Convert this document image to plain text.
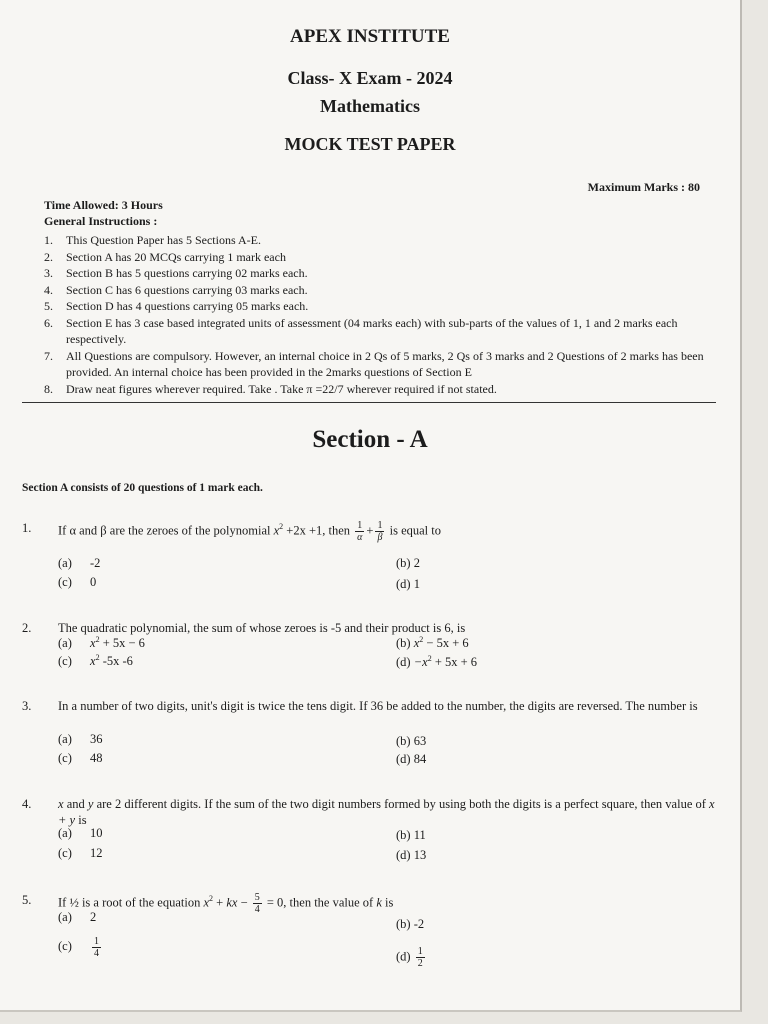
APEX INSTITUTE
Class- X Exam - 2024
Mathematics
MOCK TEST PAPER
Maximum Marks : 80
Time Allowed: 3 Hours
General Instructions :
1.	This Question Paper has 5 Sections A-E.
2.	Section A has 20 MCQs carrying 1 mark each
3.	Section B has 5 questions carrying 02 marks each.
4.	Section C has 6 questions carrying 03 marks each.
5.	Section D has 4 questions carrying 05 marks each.
6.	Section E has 3 case based integrated units of assessment (04 marks each) with sub-parts of the values of 1, 1 and 2 marks each respectively.
7.	All Questions are compulsory. However, an internal choice in 2 Qs of 5 marks, 2 Qs of 3 marks and 2 Questions of 2 marks has been provided. An internal choice has been provided in the 2marks questions of Section E
8.	Draw neat figures wherever required. Take . Take π =22/7 wherever required if not stated.
Section - A
Section A consists of 20 questions of 1 mark each.
1. If α and β are the zeroes of the polynomial $x^2 +2x +1$, then $\frac{1}{\alpha} + \frac{1}{\beta}$ is equal to
(a) -2	(b) 2
(c) 0	(d) 1
2. The quadratic polynomial, the sum of whose zeroes is -5 and their product is 6, is
(a) $x^2 + 5x - 6$	(b) $x^2 - 5x + 6$
(c) $x^2$ -5x -6	$(d) -x^2 + 5x + 6$
3. In a number of two digits, unit's digit is twice the tens digit. If 36 be added to the number, the digits are reversed. The number is
(a) 36	(b) 63
(c) 48	(d) 84
4. x and y are 2 different digits. If the sum of the two digit numbers formed by using both the digits is a perfect square, then value of x + y is
(a) 10	(b) 11
(c) 12	(d) 13
5. If ½ is a root of the equation $x^2$ + kx − $\frac{5}{4} = 0$, then the value of k is
(a) 2	(b) -2
$(c) \frac{1}{4}$	$(d) \frac{1}{2}$
